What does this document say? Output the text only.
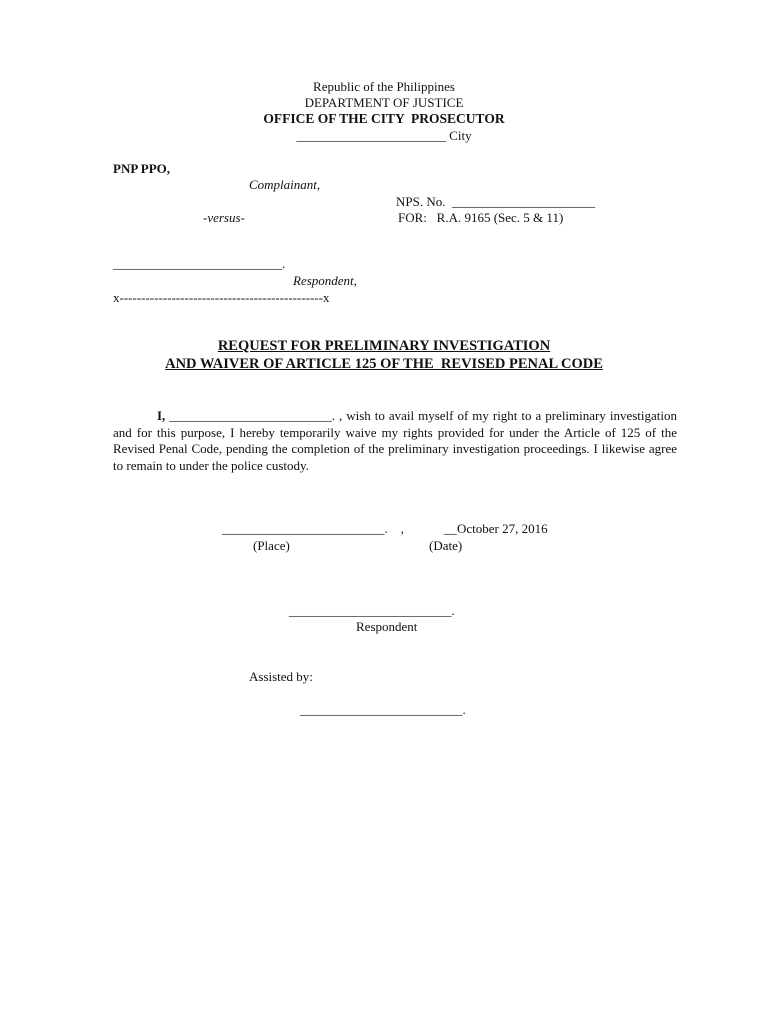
Republic of the Philippines
DEPARTMENT OF JUSTICE
OFFICE OF THE CITY  PROSECUTOR
_______________________ City
PNP PPO,
Complainant,
NPS. No.  ______________________
-versus-	FOR:   R.A. 9165 (Sec. 5 & 11)
__________________________.
Respondent,
x-----------------------------------------------x
REQUEST FOR PRELIMINARY INVESTIGATION
AND WAIVER OF ARTICLE 125 OF THE  REVISED PENAL CODE
I, _________________________. , wish to avail myself of my right to a preliminary investigation and for this purpose, I hereby temporarily waive my rights provided for under the Article of 125 of the Revised Penal Code, pending the completion of the preliminary investigation proceedings. I likewise agree to remain to under the police custody.
_________________________.    ,	__October 27, 2016
(Place)	(Date)
_________________________.
Respondent
Assisted by:
_________________________.
